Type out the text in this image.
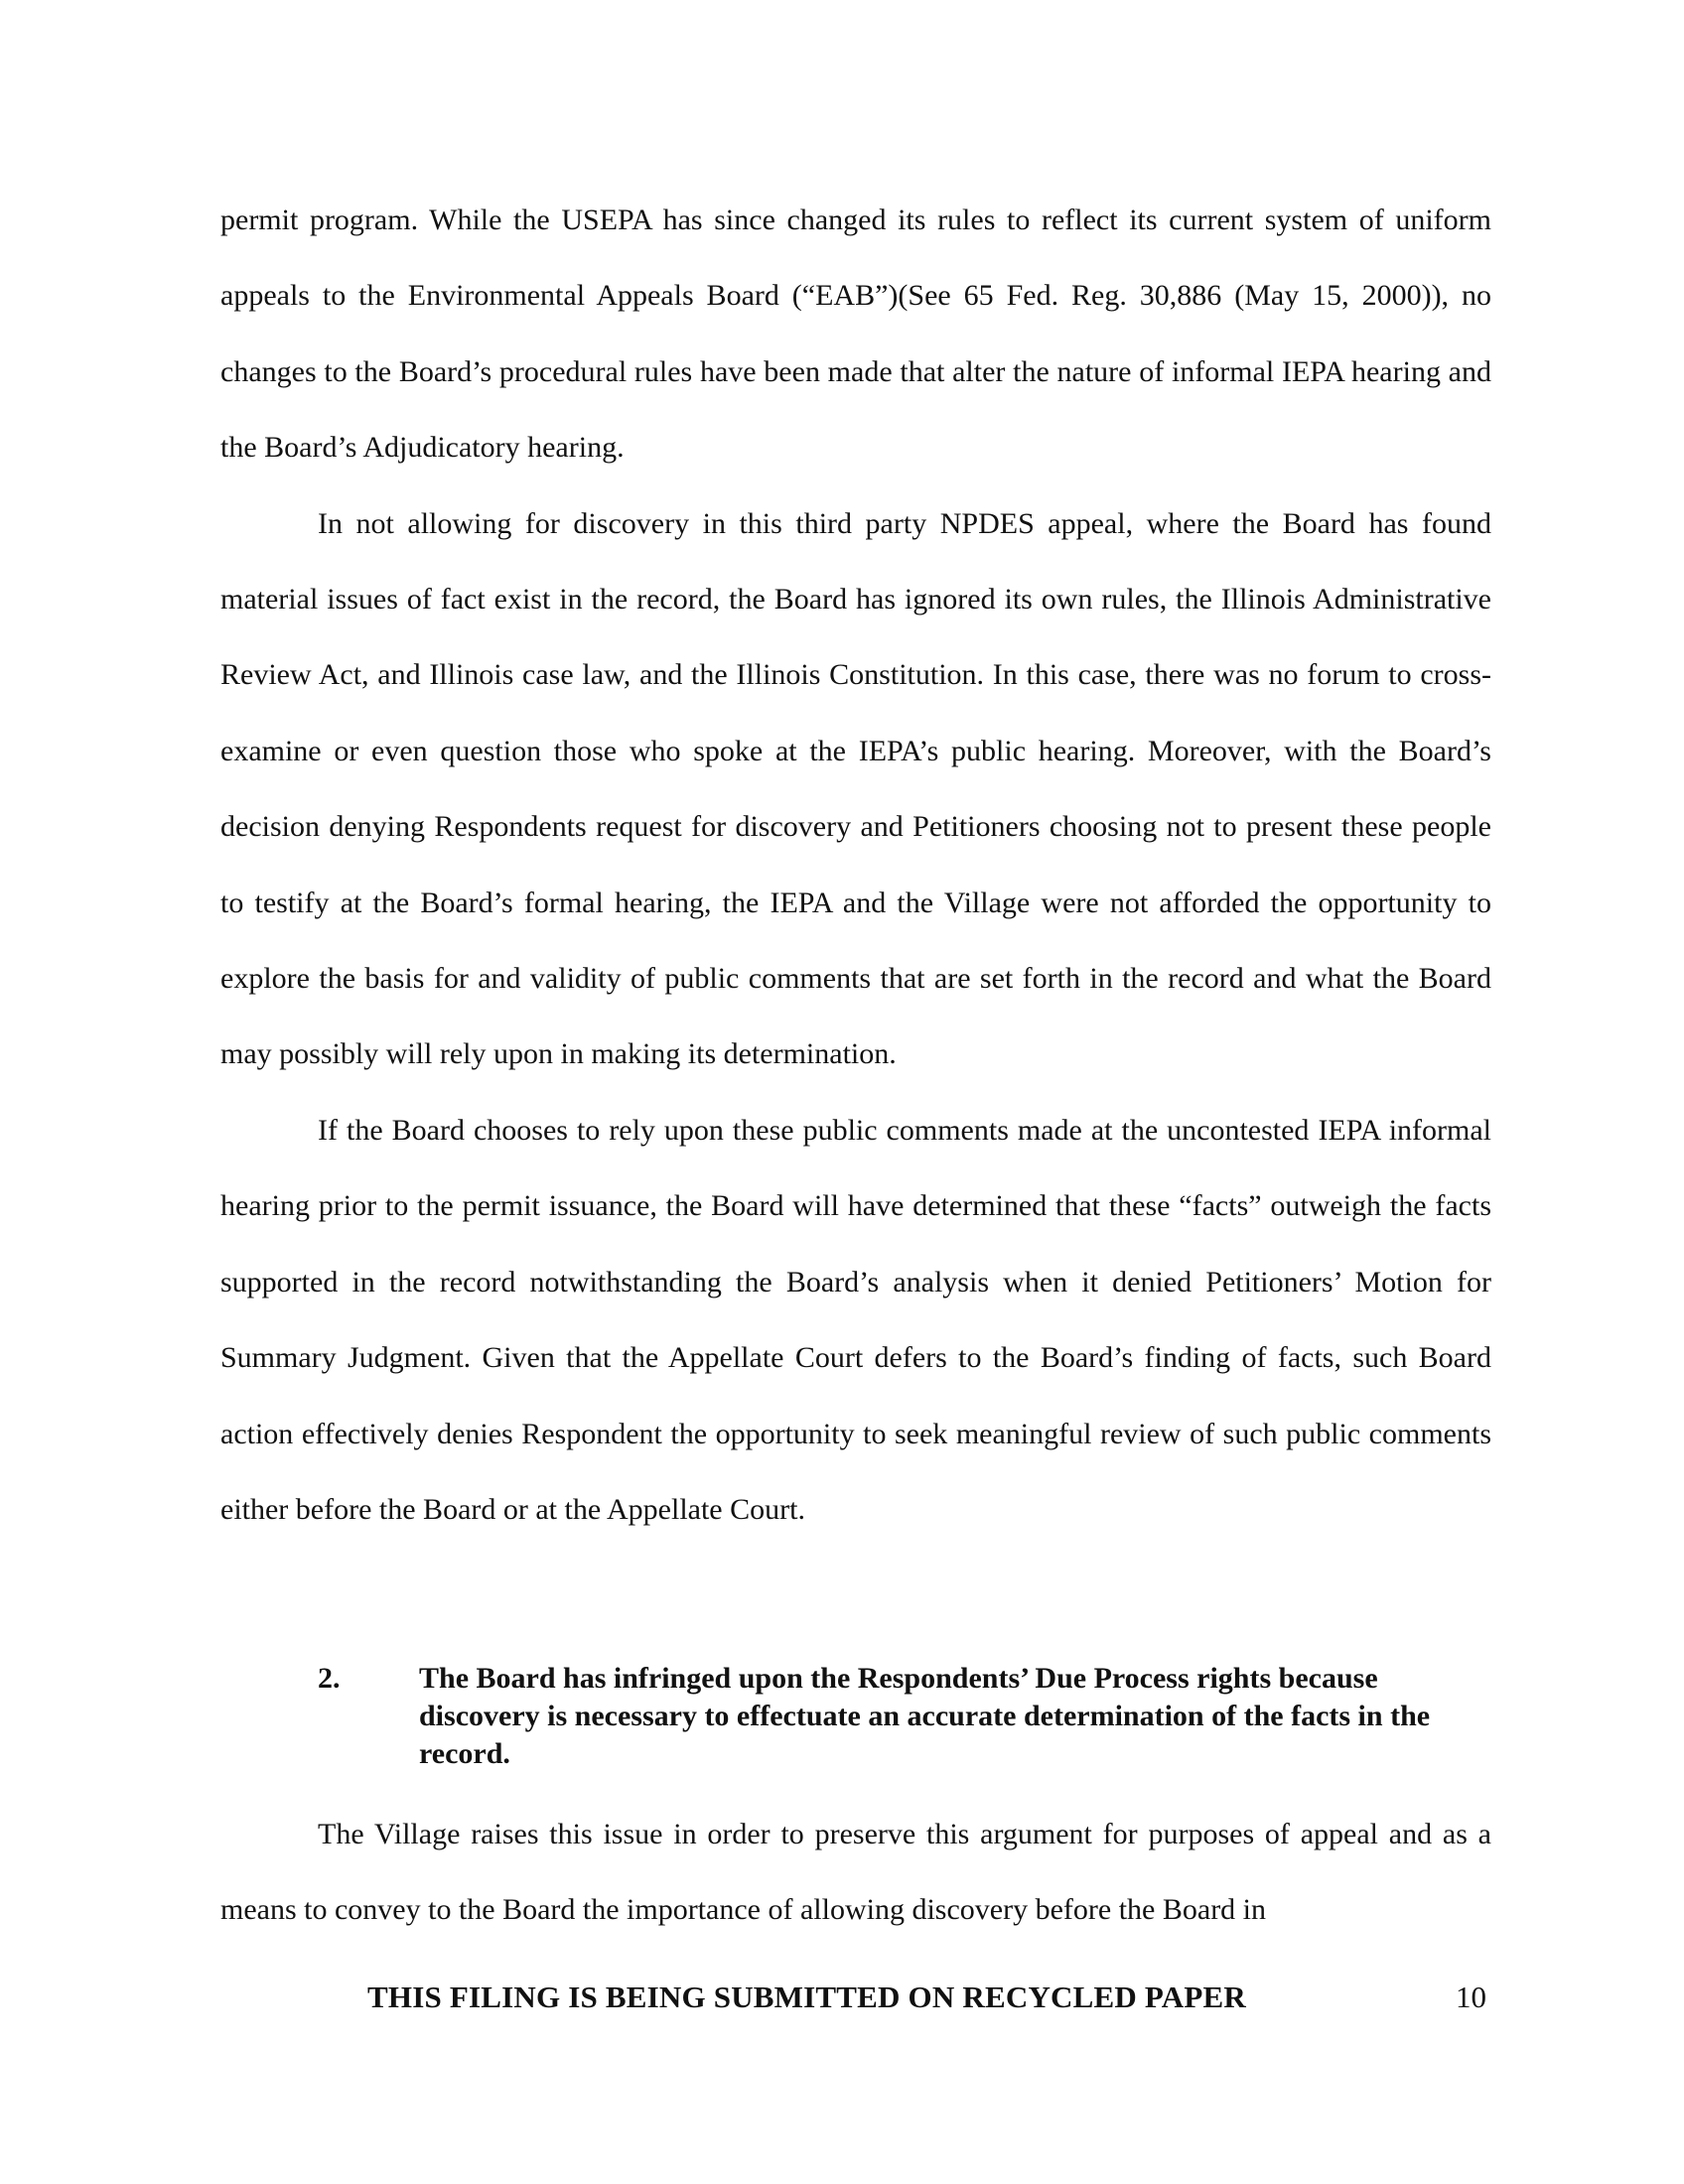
permit program. While the USEPA has since changed its rules to reflect its current system of uniform appeals to the Environmental Appeals Board (“EAB”)(See 65 Fed. Reg. 30,886 (May 15, 2000)), no changes to the Board’s procedural rules have been made that alter the nature of informal IEPA hearing and the Board’s Adjudicatory hearing.

In not allowing for discovery in this third party NPDES appeal, where the Board has found material issues of fact exist in the record, the Board has ignored its own rules, the Illinois Administrative Review Act, and Illinois case law, and the Illinois Constitution. In this case, there was no forum to cross-examine or even question those who spoke at the IEPA’s public hearing. Moreover, with the Board’s decision denying Respondents request for discovery and Petitioners choosing not to present these people to testify at the Board’s formal hearing, the IEPA and the Village were not afforded the opportunity to explore the basis for and validity of public comments that are set forth in the record and what the Board may possibly will rely upon in making its determination.

If the Board chooses to rely upon these public comments made at the uncontested IEPA informal hearing prior to the permit issuance, the Board will have determined that these “facts” outweigh the facts supported in the record notwithstanding the Board’s analysis when it denied Petitioners’ Motion for Summary Judgment. Given that the Appellate Court defers to the Board’s finding of facts, such Board action effectively denies Respondent the opportunity to seek meaningful review of such public comments either before the Board or at the Appellate Court.

2.	The Board has infringed upon the Respondents’ Due Process rights because discovery is necessary to effectuate an accurate determination of the facts in the record.

The Village raises this issue in order to preserve this argument for purposes of appeal and as a means to convey to the Board the importance of allowing discovery before the Board in

THIS FILING IS BEING SUBMITTED ON RECYCLED PAPER	10
